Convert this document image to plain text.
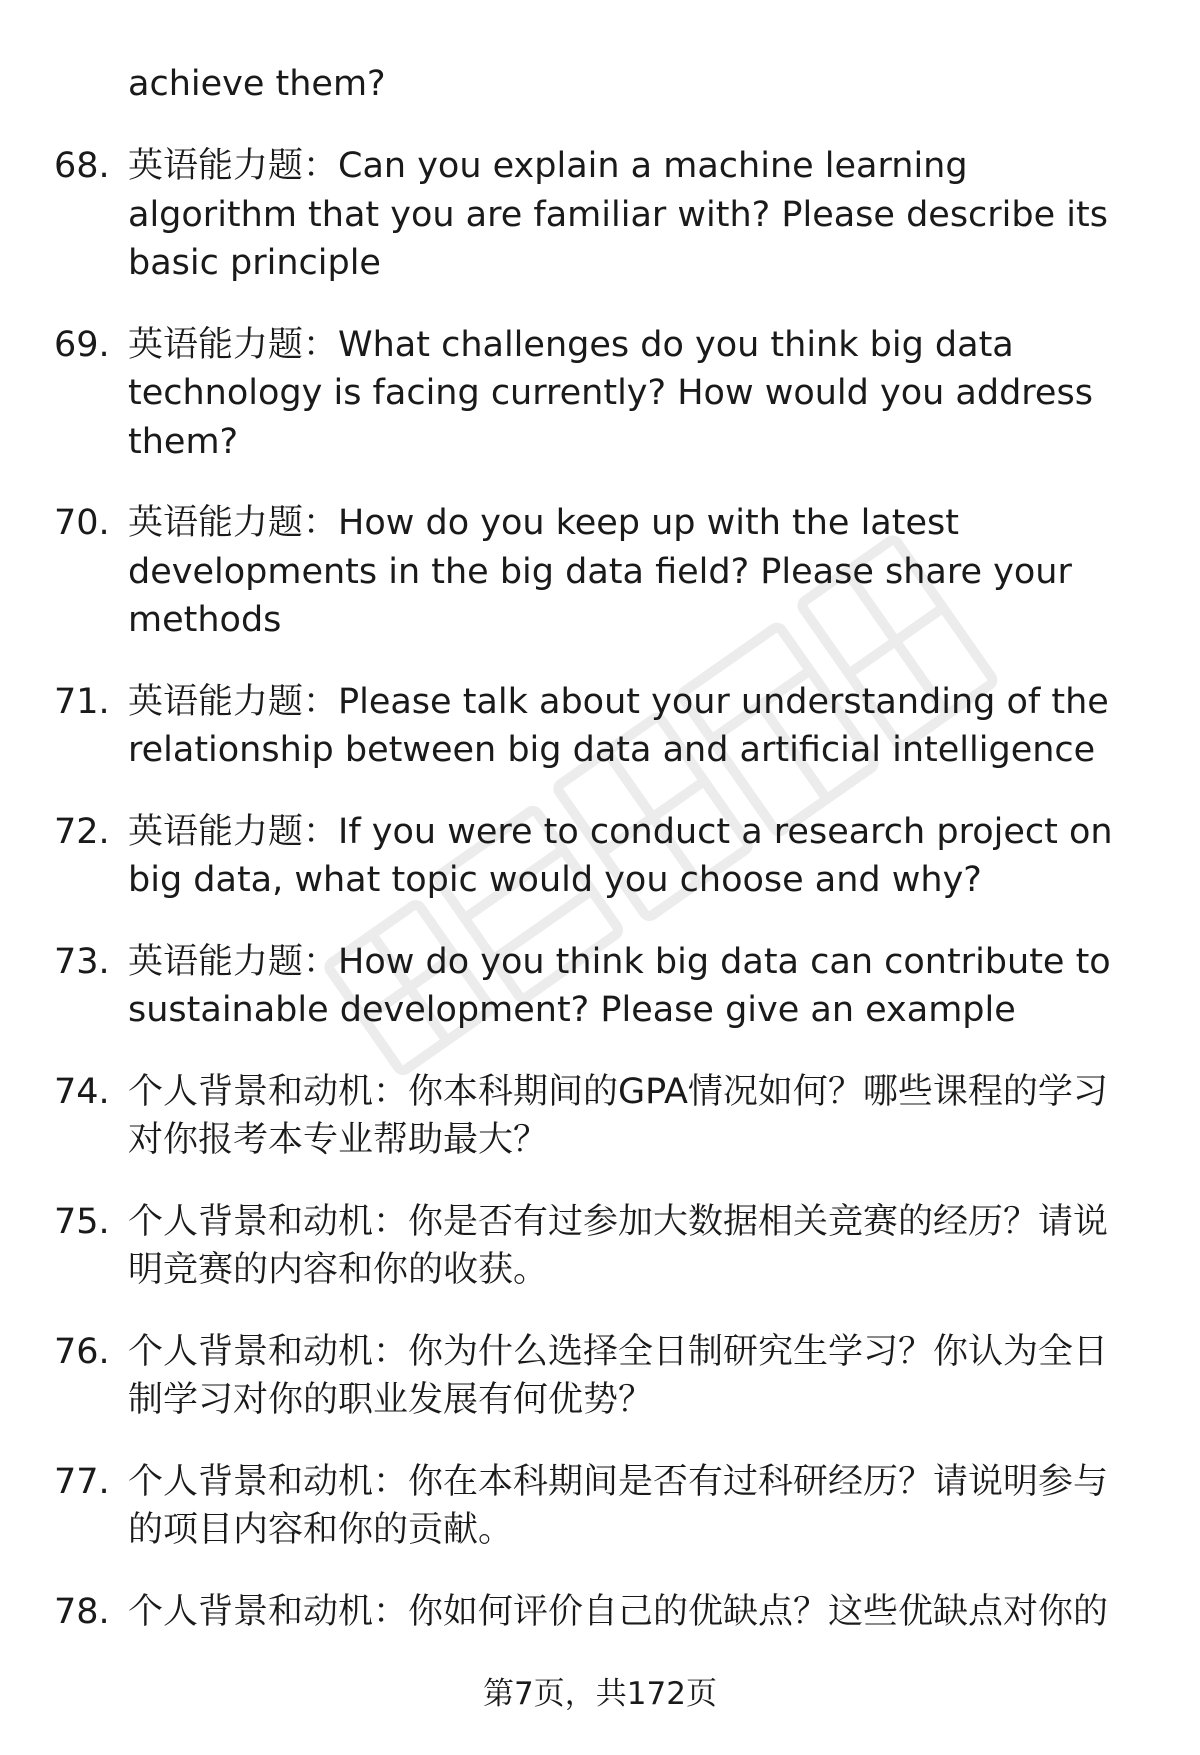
achieve them?
68. 英语能力题：Can you explain a machine learning algorithm that you are familiar with? Please describe its basic principle
69. 英语能力题：What challenges do you think big data technology is facing currently? How would you address them?
70. 英语能力题：How do you keep up with the latest developments in the big data field? Please share your methods
71. 英语能力题：Please talk about your understanding of the relationship between big data and artificial intelligence
72. 英语能力题：If you were to conduct a research project on big data, what topic would you choose and why?
73. 英语能力题：How do you think big data can contribute to sustainable development? Please give an example
74. 个人背景和动机：你本科期间的GPA情况如何？哪些课程的学习对你报考本专业帮助最大？
75. 个人背景和动机：你是否有过参加大数据相关竞赛的经历？请说明竞赛的内容和你的收获。
76. 个人背景和动机：你为什么选择全日制研究生学习？你认为全日制学习对你的职业发展有何优势？
77. 个人背景和动机：你在本科期间是否有过科研经历？请说明参与的项目内容和你的贡献。
78. 个人背景和动机：你如何评价自己的优缺点？这些优缺点对你的
第7页，共172页
